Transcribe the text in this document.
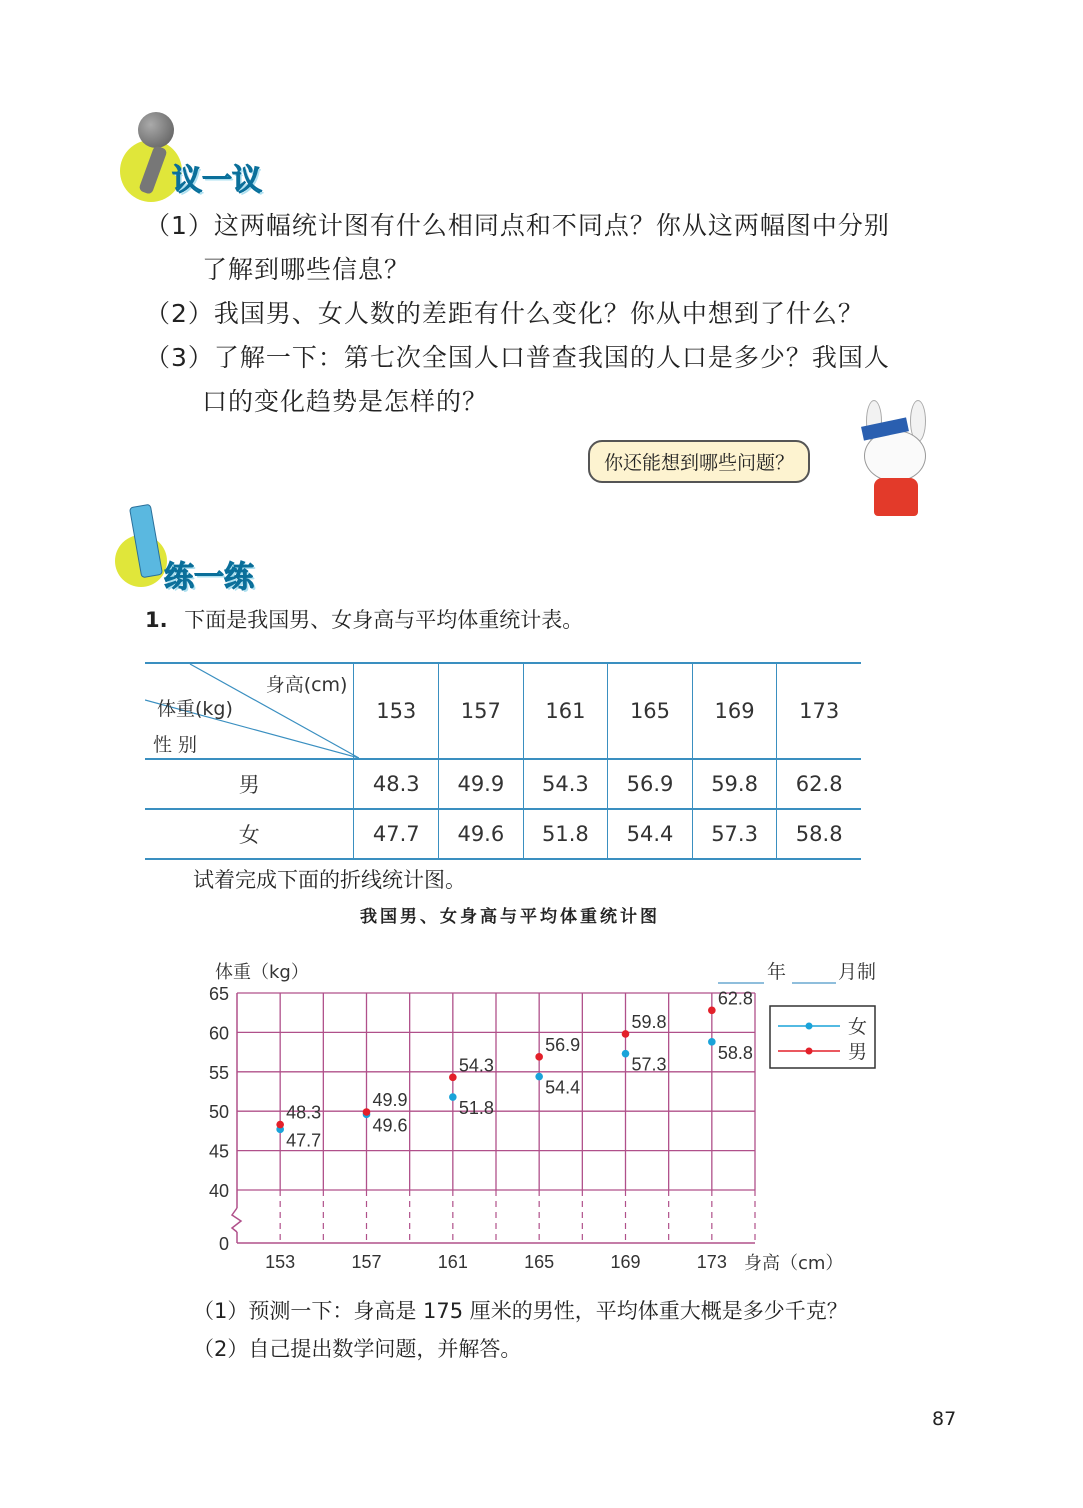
议一议
（1）这两幅统计图有什么相同点和不同点？你从这两幅图中分别
了解到哪些信息？
（2）我国男、女人数的差距有什么变化？你从中想到了什么？
（3）了解一下：第七次全国人口普查我国的人口是多少？我国人
口的变化趋势是怎样的？
你还能想到哪些问题？
练一练
1. 下面是我国男、女身高与平均体重统计表。
身高(cm)
体重(kg)
性 别	153	157	161	165	169	173
男	48.3	49.9	54.3	56.9	59.8	62.8
女	47.7	49.6	51.8	54.4	57.3	58.8
试着完成下面的折线统计图。
我国男、女身高与平均体重统计图
0
40
45
50
55
60
65
153	157	161	165	169	173
体重（kg）
身高（cm）
年	月制
47.7
49.6
51.8
54.4
57.3
58.8
48.3
49.9
54.3
56.9
59.8
62.8
女
男
（1）预测一下：身高是 175 厘米的男性，平均体重大概是多少千克？
（2）自己提出数学问题，并解答。
87
